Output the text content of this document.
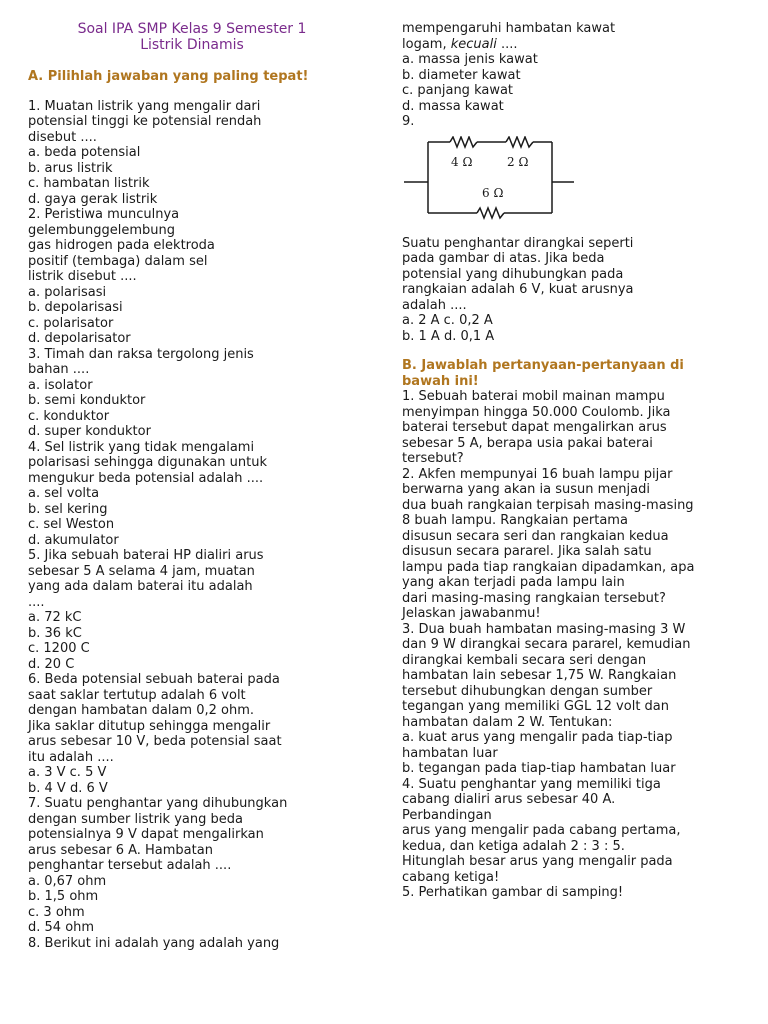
Soal IPA SMP Kelas 9 Semester 1
Listrik Dinamis
A. Pilihlah jawaban yang paling tepat!
1. Muatan listrik yang mengalir dari
potensial tinggi ke potensial rendah
disebut ....
a. beda potensial
b. arus listrik
c. hambatan listrik
d. gaya gerak listrik
2. Peristiwa munculnya
gelembunggelembung
gas hidrogen pada elektroda
positif (tembaga) dalam sel
listrik disebut ....
a. polarisasi
b. depolarisasi
c. polarisator
d. depolarisator
3. Timah dan raksa tergolong jenis
bahan ....
a. isolator
b. semi konduktor
c. konduktor
d. super konduktor
4. Sel listrik yang tidak mengalami
polarisasi sehingga digunakan untuk
mengukur beda potensial adalah ....
a. sel volta
b. sel kering
c. sel Weston
d. akumulator
5. Jika sebuah baterai HP dialiri arus
sebesar 5 A selama 4 jam, muatan
yang ada dalam baterai itu adalah
....
a. 72 kC
b. 36 kC
c. 1200 C
d. 20 C
6. Beda potensial sebuah baterai pada
saat saklar tertutup adalah 6 volt
dengan hambatan dalam 0,2 ohm.
Jika saklar ditutup sehingga mengalir
arus sebesar 10 V, beda potensial saat
itu adalah ....
a. 3 V c. 5 V
b. 4 V d. 6 V
7. Suatu penghantar yang dihubungkan
dengan sumber listrik yang beda
potensialnya 9 V dapat mengalirkan
arus sebesar 6 A. Hambatan
penghantar tersebut adalah ....
a. 0,67 ohm
b. 1,5 ohm
c. 3 ohm
d. 54 ohm
8. Berikut ini adalah yang adalah yang
mempengaruhi hambatan kawat
logam, kecuali ....
a. massa jenis kawat
b. diameter kawat
c. panjang kawat
d. massa kawat
9.
4 Ω	2 Ω
6 Ω
Suatu penghantar dirangkai seperti
pada gambar di atas. Jika beda
potensial yang dihubungkan pada
rangkaian adalah 6 V, kuat arusnya
adalah ....
a. 2 A c. 0,2 A
b. 1 A d. 0,1 A
B. Jawablah pertanyaan-pertanyaan di
bawah ini!
1. Sebuah baterai mobil mainan mampu
menyimpan hingga 50.000 Coulomb. Jika
baterai tersebut dapat mengalirkan arus
sebesar 5 A, berapa usia pakai baterai
tersebut?
2. Akfen mempunyai 16 buah lampu pijar
berwarna yang akan ia susun menjadi
dua buah rangkaian terpisah masing-masing
8 buah lampu. Rangkaian pertama
disusun secara seri dan rangkaian kedua
disusun secara pararel. Jika salah satu
lampu pada tiap rangkaian dipadamkan, apa
yang akan terjadi pada lampu lain
dari masing-masing rangkaian tersebut?
Jelaskan jawabanmu!
3. Dua buah hambatan masing-masing 3 W
dan 9 W dirangkai secara pararel, kemudian
dirangkai kembali secara seri dengan
hambatan lain sebesar 1,75 W. Rangkaian
tersebut dihubungkan dengan sumber
tegangan yang memiliki GGL 12 volt dan
hambatan dalam 2 W. Tentukan:
a. kuat arus yang mengalir pada tiap-tiap
hambatan luar
b. tegangan pada tiap-tiap hambatan luar
4. Suatu penghantar yang memiliki tiga
cabang dialiri arus sebesar 40 A.
Perbandingan
arus yang mengalir pada cabang pertama,
kedua, dan ketiga adalah 2 : 3 : 5.
Hitunglah besar arus yang mengalir pada
cabang ketiga!
5. Perhatikan gambar di samping!
